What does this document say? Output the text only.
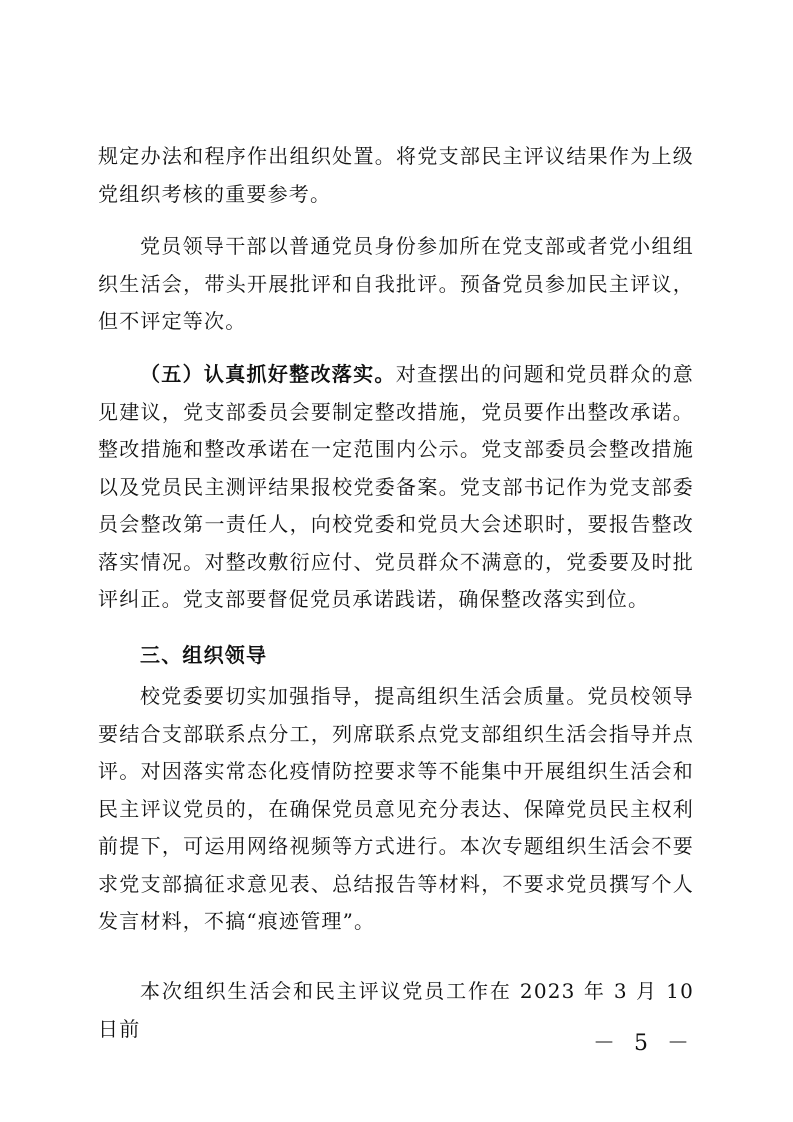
规定办法和程序作出组织处置。将党支部民主评议结果作为上级党组织考核的重要参考。

党员领导干部以普通党员身份参加所在党支部或者党小组组织生活会，带头开展批评和自我批评。预备党员参加民主评议，但不评定等次。

（五）认真抓好整改落实。对查摆出的问题和党员群众的意见建议，党支部委员会要制定整改措施，党员要作出整改承诺。整改措施和整改承诺在一定范围内公示。党支部委员会整改措施以及党员民主测评结果报校党委备案。党支部书记作为党支部委员会整改第一责任人，向校党委和党员大会述职时，要报告整改落实情况。对整改敷衍应付、党员群众不满意的，党委要及时批评纠正。党支部要督促党员承诺践诺，确保整改落实到位。

三、组织领导

校党委要切实加强指导，提高组织生活会质量。党员校领导要结合支部联系点分工，列席联系点党支部组织生活会指导并点评。对因落实常态化疫情防控要求等不能集中开展组织生活会和民主评议党员的，在确保党员意见充分表达、保障党员民主权利前提下，可运用网络视频等方式进行。本次专题组织生活会不要求党支部搞征求意见表、总结报告等材料，不要求党员撰写个人发言材料，不搞“痕迹管理”。

本次组织生活会和民主评议党员工作在 2023 年 3 月 10 日前

－ 5 －
